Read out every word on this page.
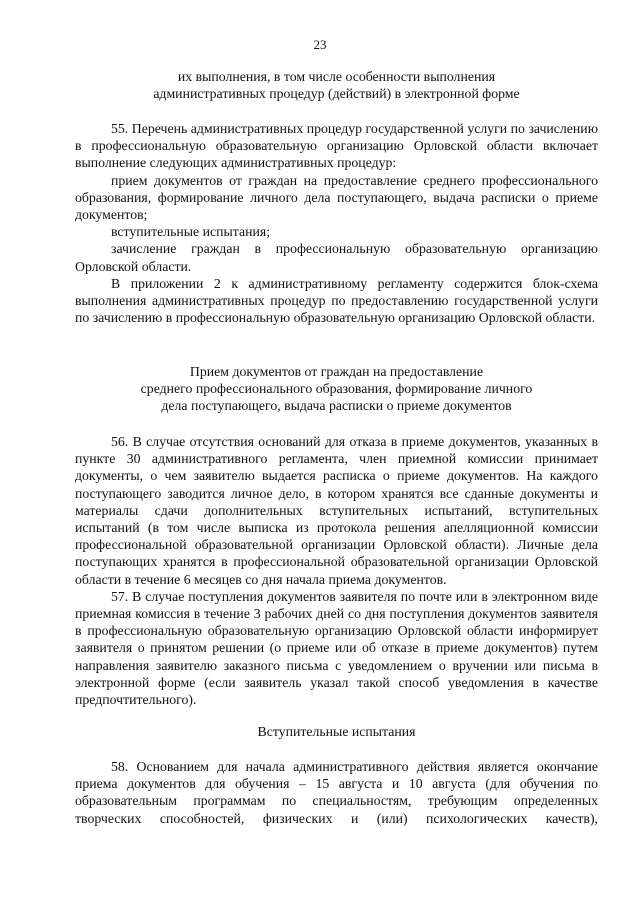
23
их выполнения, в том числе особенности выполнения
административных процедур (действий) в электронной форме

55. Перечень административных процедур государственной услуги по зачислению в профессиональную образовательную организацию Орловской области включает выполнение следующих административных процедур:

прием документов от граждан на предоставление среднего профессионального образования, формирование личного дела поступающего, выдача расписки о приеме документов;

вступительные испытания;

зачисление граждан в профессиональную образовательную организацию Орловской области.

В приложении 2 к административному регламенту содержится блок-схема выполнения административных процедур по предоставлению государственной услуги по зачислению в профессиональную образовательную организацию Орловской области.

Прием документов от граждан на предоставление
среднего профессионального образования, формирование личного
дела поступающего, выдача расписки о приеме документов

56. В случае отсутствия оснований для отказа в приеме документов, указанных в пункте 30 административного регламента, член приемной комиссии принимает документы, о чем заявителю выдается расписка о приеме документов. На каждого поступающего заводится личное дело, в котором хранятся все сданные документы и материалы сдачи дополнительных вступительных испытаний, вступительных испытаний (в том числе выписка из протокола решения апелляционной комиссии профессиональной образовательной организации Орловской области). Личные дела поступающих хранятся в профессиональной образовательной организации Орловской области в течение 6 месяцев со дня начала приема документов.

57. В случае поступления документов заявителя по почте или в электронном виде приемная комиссия в течение 3 рабочих дней со дня поступления документов заявителя в профессиональную образовательную организацию Орловской области информирует заявителя о принятом решении (о приеме или об отказе в приеме документов) путем направления заявителю заказного письма с уведомлением о вручении или письма в электронной форме (если заявитель указал такой способ уведомления в качестве предпочтительного).

Вступительные испытания

58. Основанием для начала административного действия является окончание приема документов для обучения – 15 августа и 10 августа (для обучения по образовательным программам по специальностям, требующим определенных творческих способностей, физических и (или) психологических качеств),
